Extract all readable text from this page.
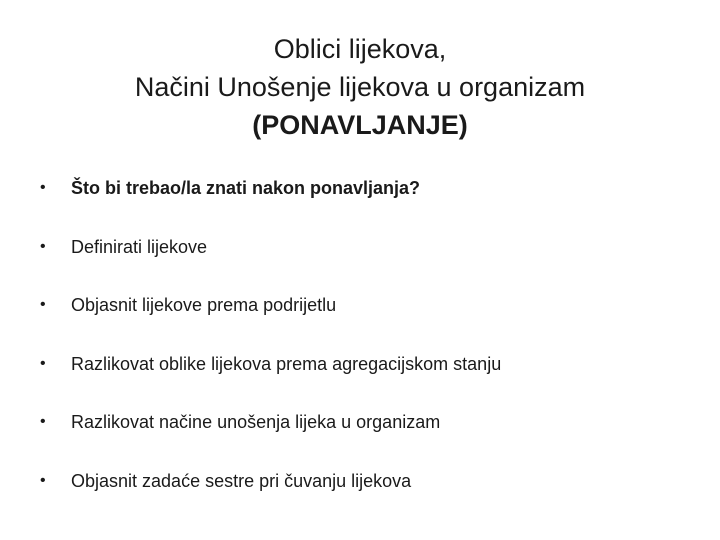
Oblici lijekova,
Načini Unošenje lijekova u organizam
(PONAVLJANJE)
•	Što bi trebao/la znati nakon ponavljanja?
•	Definirati lijekove
•	Objasnit lijekove prema podrijetlu
•	Razlikovat oblike lijekova prema agregacijskom stanju
•	Razlikovat načine unošenja lijeka u organizam
•	Objasnit zadaće sestre pri čuvanju lijekova
